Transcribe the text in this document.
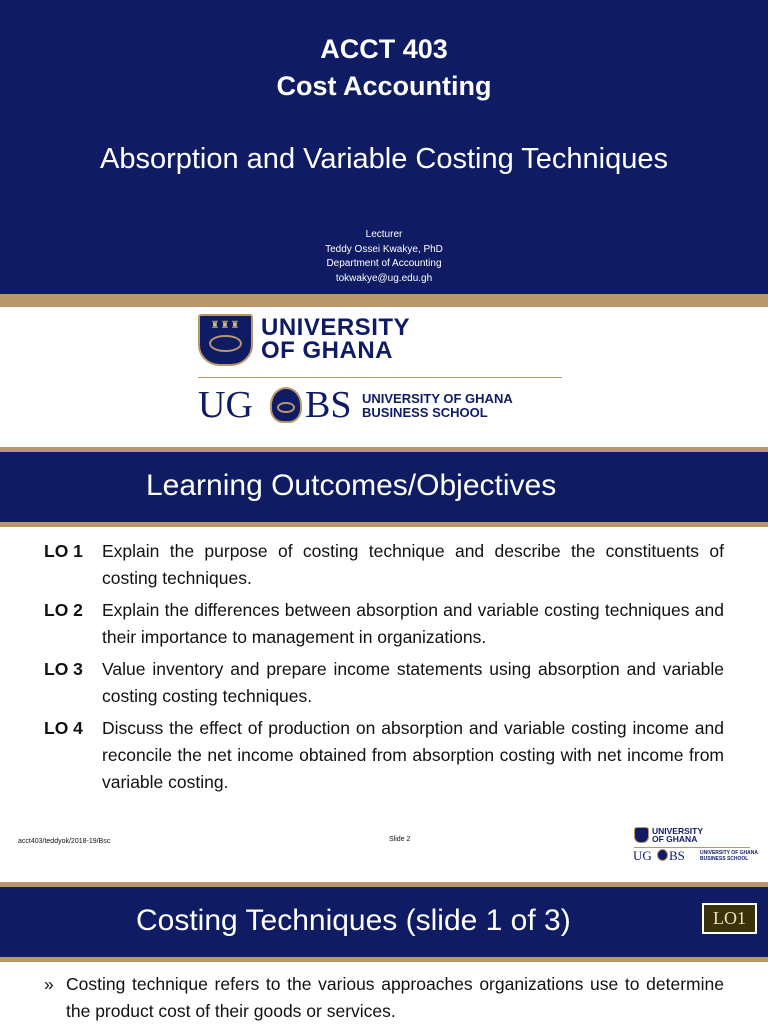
ACCT 403
Cost Accounting
Absorption and Variable Costing Techniques
Lecturer
Teddy Ossei Kwakye, PhD
Department of Accounting
tokwakye@ug.edu.gh
♜♜♜ UNIVERSITY
OF GHANA
UG BS UNIVERSITY OF GHANA
BUSINESS SCHOOL
Learning Outcomes/Objectives
LO 1 Explain the purpose of costing technique and describe the constituents of costing techniques.
LO 2 Explain the differences between absorption and variable costing techniques and their importance to management in organizations.
LO 3 Value inventory and prepare income statements using absorption and variable costing costing techniques.
LO 4 Discuss the effect of production on absorption and variable costing income and reconcile the net income obtained from absorption costing with net income from variable costing.
acct403/teddyok/2018-19/Bsc	Slide 2
UNIVERSITY
OF GHANA
UG BS	UNIVERSITY OF GHANA
BUSINESS SCHOOL
Costing Techniques (slide 1 of 3)	LO1
» Costing technique refers to the various approaches organizations use to determine the product cost of their goods or services.
